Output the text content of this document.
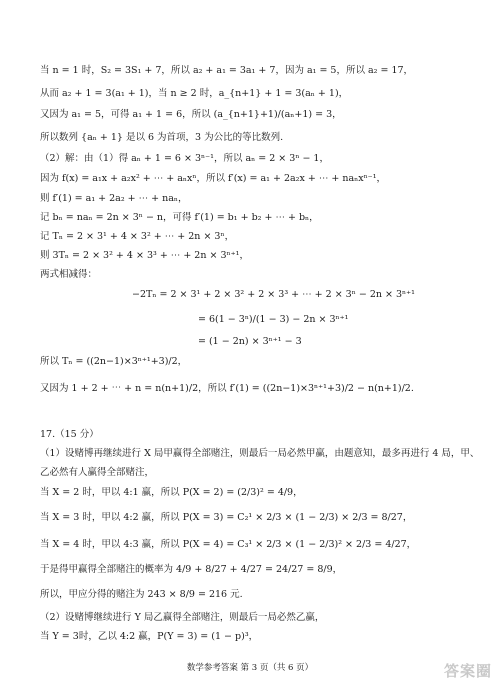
当 n = 1 时，S₂ = 3S₁ + 7，所以 a₂ + a₁ = 3a₁ + 7，因为 a₁ = 5，所以 a₂ = 17，
从而 a₂ + 1 = 3(a₁ + 1)，当 n ≥ 2 时，a_{n+1} + 1 = 3(aₙ + 1)，
又因为 a₁ = 5，可得 a₁ + 1 = 6，所以 (a_{n+1}+1)/(aₙ+1) = 3，
所以数列 {aₙ + 1} 是以 6 为首项，3 为公比的等比数列.
（2）解：由（1）得 aₙ + 1 = 6 × 3ⁿ⁻¹，所以 aₙ = 2 × 3ⁿ − 1，
因为 f(x) = a₁x + a₂x² + ⋯ + aₙxⁿ，所以 f′(x) = a₁ + 2a₂x + ⋯ + naₙxⁿ⁻¹，
则 f′(1) = a₁ + 2a₂ + ⋯ + naₙ，
记 bₙ = naₙ = 2n × 3ⁿ − n，可得 f′(1) = b₁ + b₂ + ⋯ + bₙ，
记 Tₙ = 2 × 3¹ + 4 × 3² + ⋯ + 2n × 3ⁿ，
则 3Tₙ = 2 × 3² + 4 × 3³ + ⋯ + 2n × 3ⁿ⁺¹，
两式相减得：
−2Tₙ = 2 × 3¹ + 2 × 3² + 2 × 3³ + ⋯ + 2 × 3ⁿ − 2n × 3ⁿ⁺¹
= 6(1 − 3ⁿ)/(1 − 3) − 2n × 3ⁿ⁺¹
= (1 − 2n) × 3ⁿ⁺¹ − 3
所以 Tₙ = ((2n−1)×3ⁿ⁺¹+3)/2，
又因为 1 + 2 + ⋯ + n = n(n+1)/2，所以 f′(1) = ((2n−1)×3ⁿ⁺¹+3)/2 − n(n+1)/2.
17.（15 分）
（1）设赌博再继续进行 X 局甲赢得全部赌注，则最后一局必然甲赢，由题意知，最多再进行 4 局，甲、
乙必然有人赢得全部赌注，
当 X = 2 时，甲以 4:1 赢，所以 P(X = 2) = (2/3)² = 4/9，
当 X = 3 时，甲以 4:2 赢，所以 P(X = 3) = C₂¹ × 2/3 × (1 − 2/3) × 2/3 = 8/27，
当 X = 4 时，甲以 4:3 赢，所以 P(X = 4) = C₃¹ × 2/3 × (1 − 2/3)² × 2/3 = 4/27，
于是得甲赢得全部赌注的概率为 4/9 + 8/27 + 4/27 = 24/27 = 8/9，
所以，甲应分得的赌注为 243 × 8/9 = 216 元.
（2）设赌博继续进行 Y 局乙赢得全部赌注，则最后一局必然乙赢，
当 Y = 3时，乙以 4:2 赢，P(Y = 3) = (1 − p)³，
数学参考答案 第 3 页（共 6 页）	答案圈
